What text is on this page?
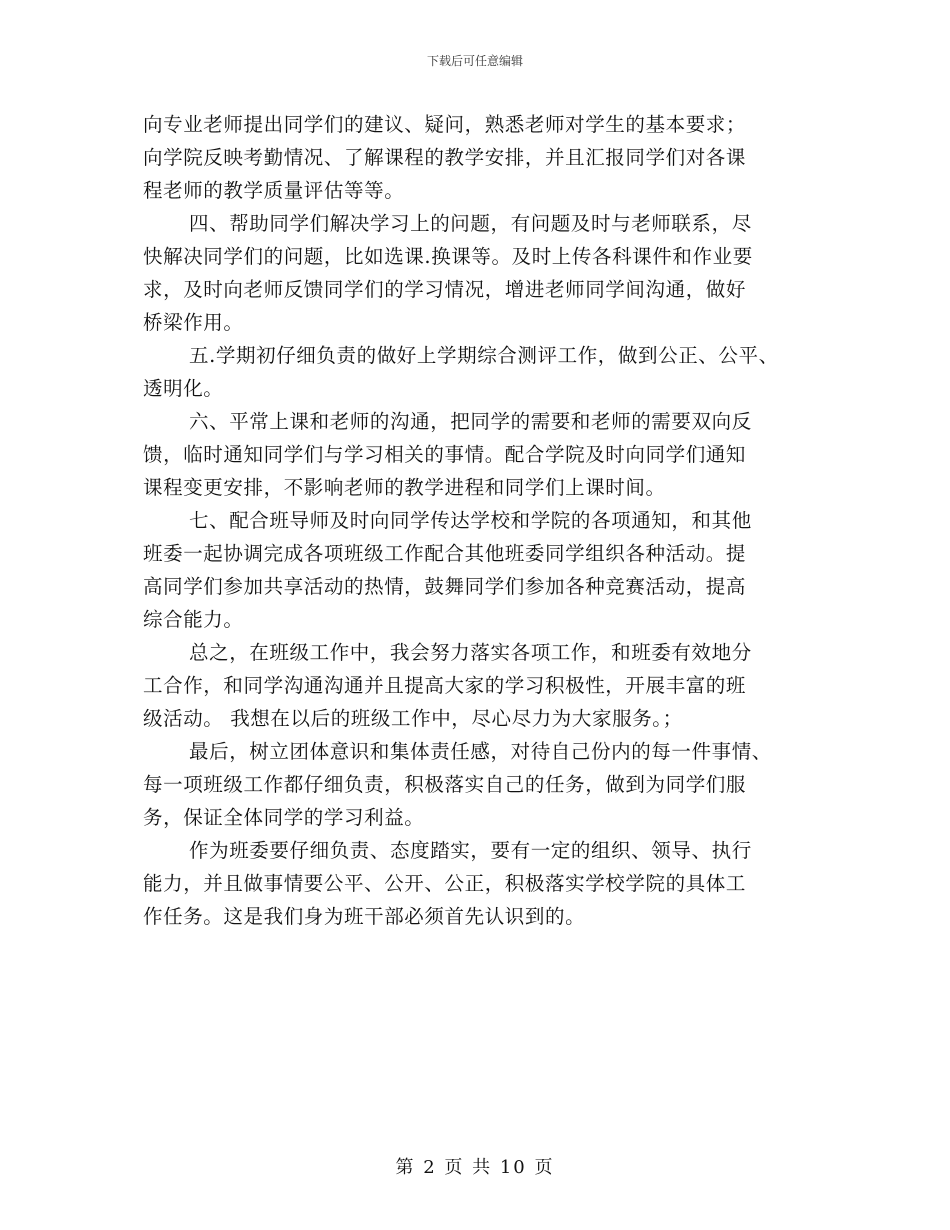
下载后可任意编辑

向专业老师提出同学们的建议、疑问，熟悉老师对学生的基本要求；

向学院反映考勤情况、了解课程的教学安排，并且汇报同学们对各课

程老师的教学质量评估等等。

四、帮助同学们解决学习上的问题，有问题及时与老师联系，尽

快解决同学们的问题，比如选课.换课等。及时上传各科课件和作业要

求，及时向老师反馈同学们的学习情况，增进老师同学间沟通，做好

桥梁作用。

五.学期初仔细负责的做好上学期综合测评工作，做到公正、公平、

透明化。

六、平常上课和老师的沟通，把同学的需要和老师的需要双向反

馈，临时通知同学们与学习相关的事情。配合学院及时向同学们通知

课程变更安排，不影响老师的教学进程和同学们上课时间。

七、配合班导师及时向同学传达学校和学院的各项通知，和其他

班委一起协调完成各项班级工作配合其他班委同学组织各种活动。提

高同学们参加共享活动的热情，鼓舞同学们参加各种竞赛活动，提高

综合能力。

总之，在班级工作中，我会努力落实各项工作，和班委有效地分

工合作，和同学沟通沟通并且提高大家的学习积极性，开展丰富的班

级活动。 我想在以后的班级工作中，尽心尽力为大家服务。；

最后，树立团体意识和集体责任感，对待自己份内的每一件事情、

每一项班级工作都仔细负责，积极落实自己的任务，做到为同学们服

务，保证全体同学的学习利益。

作为班委要仔细负责、态度踏实，要有一定的组织、领导、执行

能力，并且做事情要公平、公开、公正，积极落实学校学院的具体工

作任务。这是我们身为班干部必须首先认识到的。

第 2 页 共 10 页
